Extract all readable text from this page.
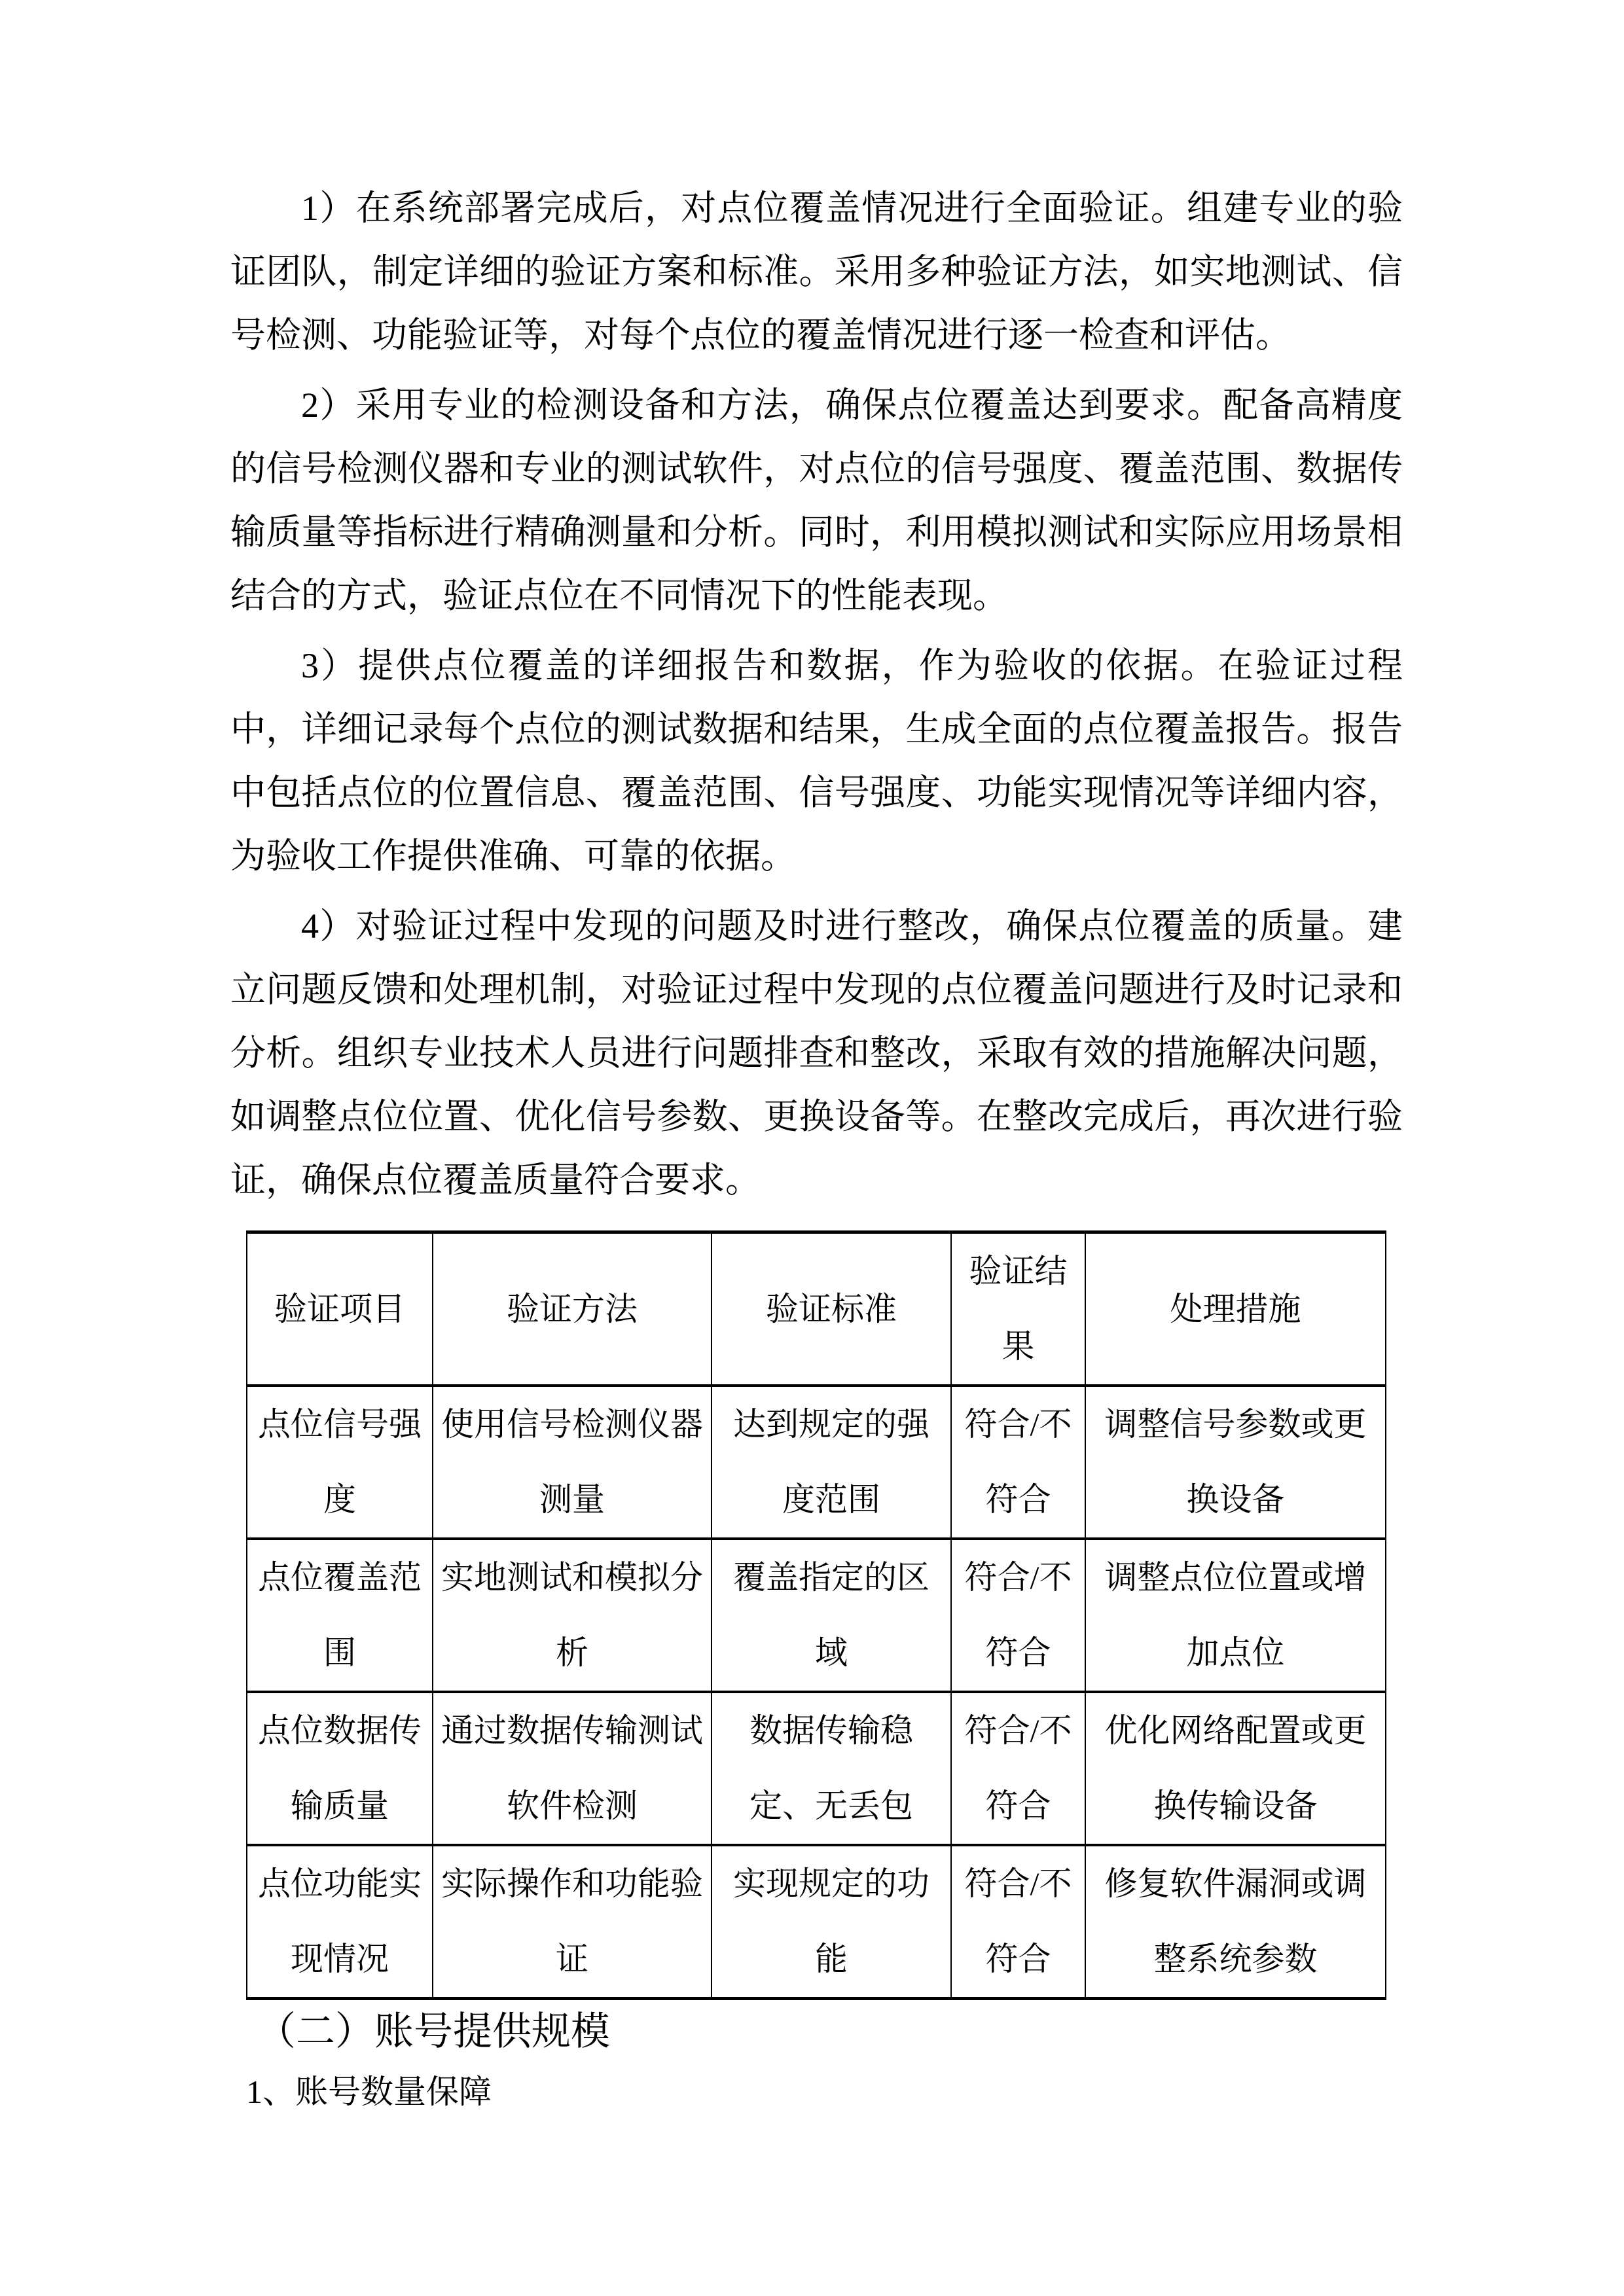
1）在系统部署完成后，对点位覆盖情况进行全面验证。组建专业的验证团队，制定详细的验证方案和标准。采用多种验证方法，如实地测试、信号检测、功能验证等，对每个点位的覆盖情况进行逐一检查和评估。

2）采用专业的检测设备和方法，确保点位覆盖达到要求。配备高精度的信号检测仪器和专业的测试软件，对点位的信号强度、覆盖范围、数据传输质量等指标进行精确测量和分析。同时，利用模拟测试和实际应用场景相结合的方式，验证点位在不同情况下的性能表现。

3）提供点位覆盖的详细报告和数据，作为验收的依据。在验证过程中，详细记录每个点位的测试数据和结果，生成全面的点位覆盖报告。报告中包括点位的位置信息、覆盖范围、信号强度、功能实现情况等详细内容，为验收工作提供准确、可靠的依据。

4）对验证过程中发现的问题及时进行整改，确保点位覆盖的质量。建立问题反馈和处理机制，对验证过程中发现的点位覆盖问题进行及时记录和分析。组织专业技术人员进行问题排查和整改，采取有效的措施解决问题，如调整点位位置、优化信号参数、更换设备等。在整改完成后，再次进行验证，确保点位覆盖质量符合要求。

验证项目	验证方法	验证标准	验证结果	处理措施
点位信号强度	使用信号检测仪器测量	达到规定的强度范围	符合/不符合	调整信号参数或更换设备
点位覆盖范围	实地测试和模拟分析	覆盖指定的区域	符合/不符合	调整点位位置或增加点位
点位数据传输质量	通过数据传输测试软件检测	数据传输稳定、无丢包	符合/不符合	优化网络配置或更换传输设备
点位功能实现情况	实际操作和功能验证	实现规定的功能	符合/不符合	修复软件漏洞或调整系统参数
（二）账号提供规模
1、账号数量保障
